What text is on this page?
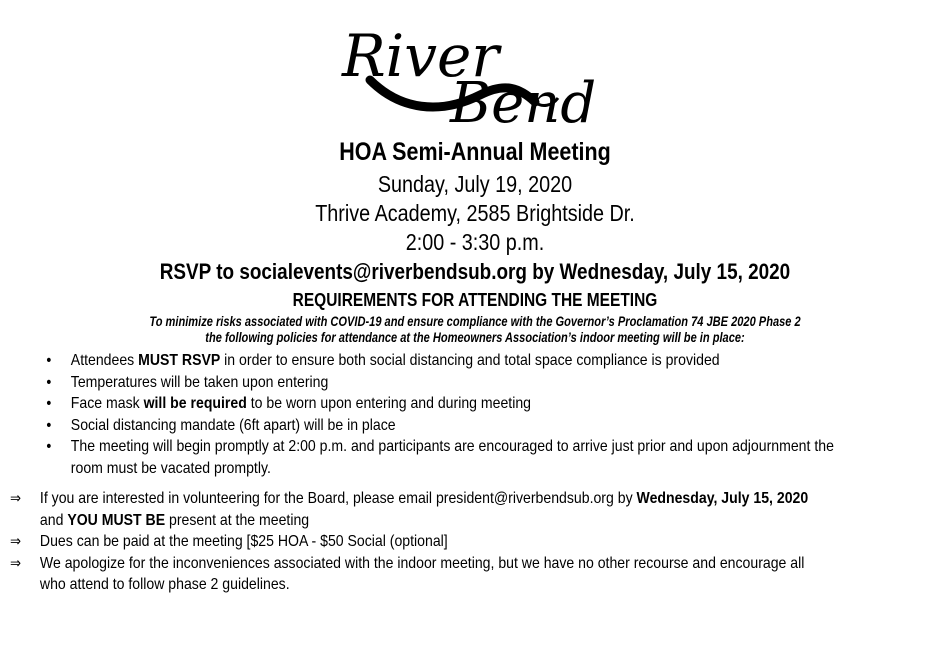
River
Bend
HOA Semi-Annual Meeting
Sunday, July 19, 2020
Thrive Academy, 2585 Brightside Dr.
2:00 - 3:30 p.m.
RSVP to socialevents@riverbendsub.org by Wednesday, July 15, 2020
REQUIREMENTS FOR ATTENDING THE MEETING
To minimize risks associated with COVID-19 and ensure compliance with the Governor’s Proclamation 74 JBE 2020 Phase 2
the following policies for attendance at the Homeowners Association’s indoor meeting will be in place:
•	Attendees MUST RSVP in order to ensure both social distancing and total space compliance is provided
•	Temperatures will be taken upon entering
•	Face mask will be required to be worn upon entering and during meeting
•	Social distancing mandate (6ft apart) will be in place
•	The meeting will begin promptly at 2:00 p.m. and participants are encouraged to arrive just prior and upon adjournment the
room must be vacated promptly.
⇒	If you are interested in volunteering for the Board, please email president@riverbendsub.org by Wednesday, July 15, 2020
and YOU MUST BE present at the meeting
⇒	Dues can be paid at the meeting [$25 HOA - $50 Social (optional]
⇒	We apologize for the inconveniences associated with the indoor meeting, but we have no other recourse and encourage all
who attend to follow phase 2 guidelines.
